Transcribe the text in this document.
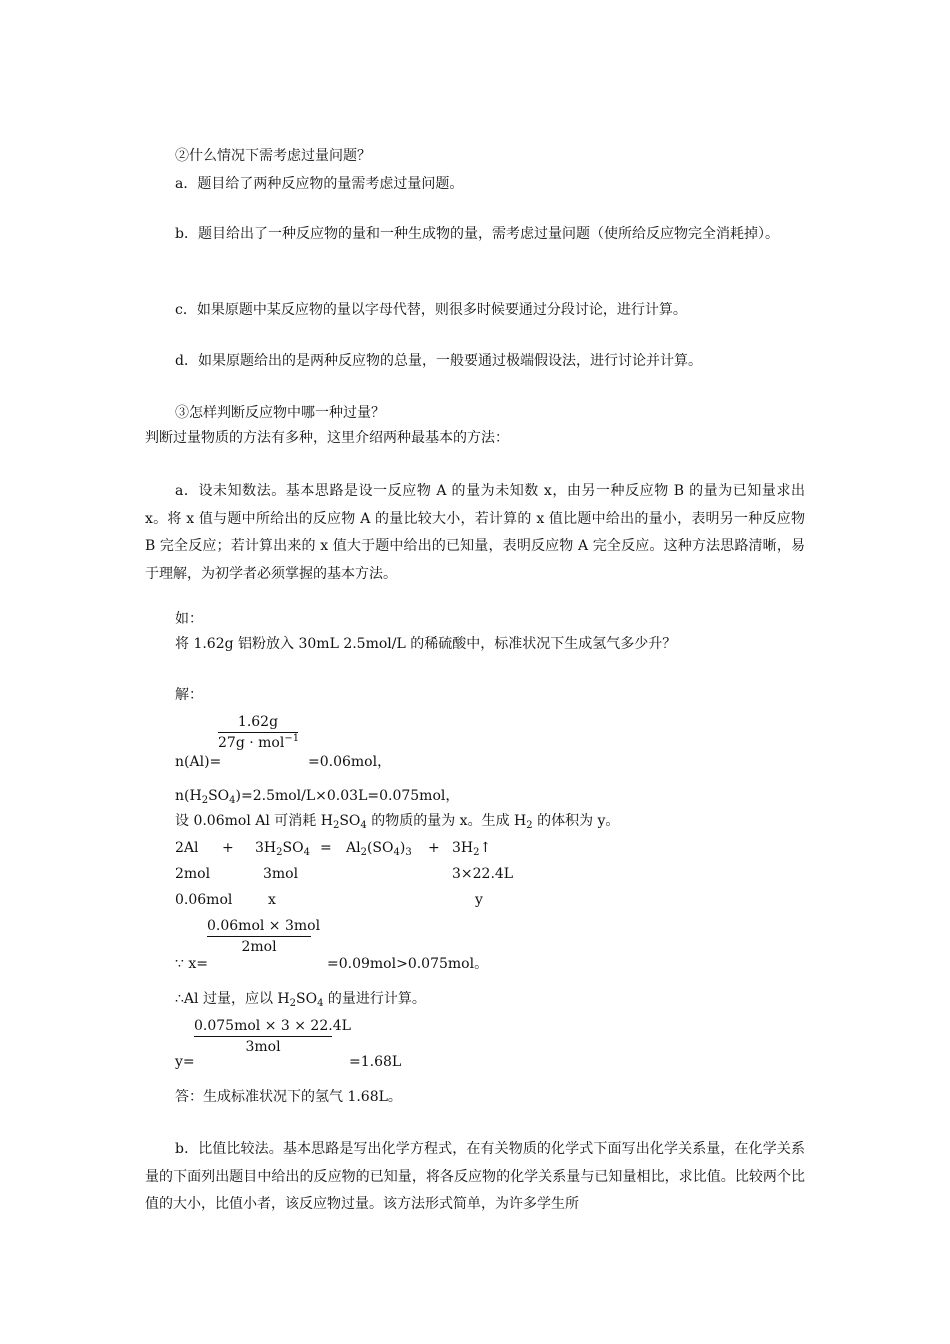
②什么情况下需考虑过量问题？
a．题目给了两种反应物的量需考虑过量问题。
b．题目给出了一种反应物的量和一种生成物的量，需考虑过量问题（使所给反应物完全消耗掉）。
c．如果原题中某反应物的量以字母代替，则很多时候要通过分段讨论，进行计算。
d．如果原题给出的是两种反应物的总量，一般要通过极端假设法，进行讨论并计算。
③怎样判断反应物中哪一种过量？
判断过量物质的方法有多种，这里介绍两种最基本的方法：
a．设未知数法。基本思路是设一反应物 A 的量为未知数 x，由另一种反应物 B 的量为已知量求出 x。将 x 值与题中所给出的反应物 A 的量比较大小，若计算的 x 值比题中给出的量小，表明另一种反应物 B 完全反应；若计算出来的 x 值大于题中给出的已知量，表明反应物 A 完全反应。这种方法思路清晰，易于理解，为初学者必须掌握的基本方法。
如：
将 1.62g 铝粉放入 30mL 2.5mol/L 的稀硫酸中，标准状况下生成氢气多少升？
解：
n(Al)=
1.62g
27g · mol$^{-1}$
=0.06mol，
$n(H_2SO_4)=2.5mol/L\times 0.03L=0.075mol$，
设 0.06mol Al 可消耗 $H_2SO_4$ 的物质的量为 x。生成 $H_2$ 的体积为 y。
$2Al + 3H_2SO_4 = Al_2(SO_4)_3$ + $3H_2↑$
2mol	3mol	3×22.4L
0.06mol	x	y
∵ x=
0.06mol × 3mol
2mol
=0.09mol>0.075mol。
∴Al 过量，应以 $H_2SO_4$ 的量进行计算。
y=
0.075mol × 3 × 22.4L
3mol
=1.68L
答：生成标准状况下的氢气 1.68L。
b．比值比较法。基本思路是写出化学方程式，在有关物质的化学式下面写出化学关系量，在化学关系量的下面列出题目中给出的反应物的已知量，将各反应物的化学关系量与已知量相比，求比值。比较两个比值的大小，比值小者，该反应物过量。该方法形式简单，为许多学生所
